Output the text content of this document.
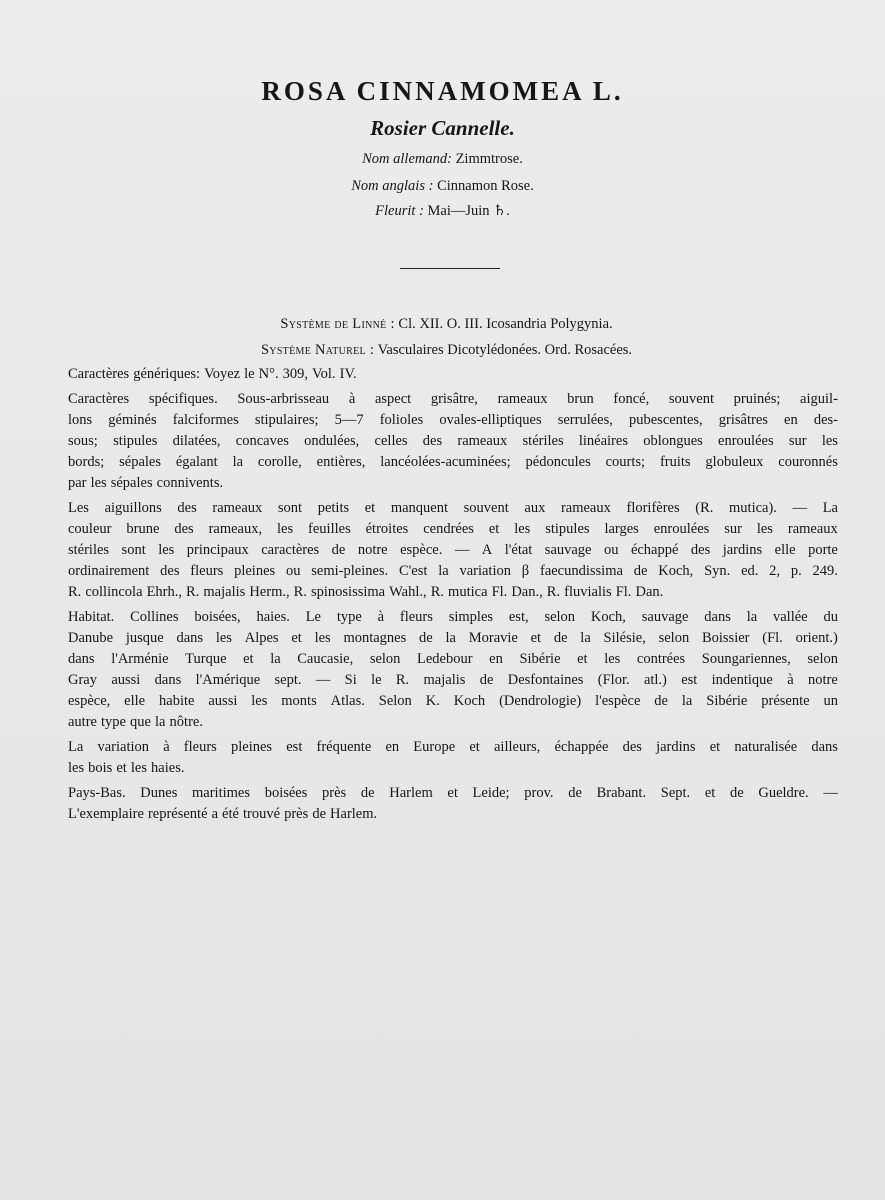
ROSA CINNAMOMEA L.
Rosier Cannelle.
Nom allemand: Zimmtrose.
Nom anglais : Cinnamon Rose.
Fleurit : Mai—Juin ♄.
Système de Linné : Cl. XII. O. III. Icosandria Polygynia.
Système Naturel : Vasculaires Dicotylédonées. Ord. Rosacées.
Caractères génériques: Voyez le N°. 309, Vol. IV.
Caractères spécifiques. Sous-arbrisseau à aspect grisâtre, rameaux brun foncé, souvent pruinés; aiguil-
lons géminés falciformes stipulaires; 5—7 folioles ovales-elliptiques serrulées, pubescentes, grisâtres en des-
sous; stipules dilatées, concaves ondulées, celles des rameaux stériles linéaires oblongues enroulées sur les
bords; sépales égalant la corolle, entières, lancéolées-acuminées; pédoncules courts; fruits globuleux couronnés
par les sépales connivents.
Les aiguillons des rameaux sont petits et manquent souvent aux rameaux florifères (R. mutica). — La
couleur brune des rameaux, les feuilles étroites cendrées et les stipules larges enroulées sur les rameaux
stériles sont les principaux caractères de notre espèce. — A l'état sauvage ou échappé des jardins elle porte
ordinairement des fleurs pleines ou semi-pleines. C'est la variation β faecundissima de Koch, Syn. ed. 2, p. 249.
R. collincola Ehrh., R. majalis Herm., R. spinosissima Wahl., R. mutica Fl. Dan., R. fluvialis Fl. Dan.
Habitat. Collines boisées, haies. Le type à fleurs simples est, selon Koch, sauvage dans la vallée du
Danube jusque dans les Alpes et les montagnes de la Moravie et de la Silésie, selon Boissier (Fl. orient.)
dans l'Arménie Turque et la Caucasie, selon Ledebour en Sibérie et les contrées Soungariennes, selon
Gray aussi dans l'Amérique sept. — Si le R. majalis de Desfontaines (Flor. atl.) est indentique à notre
espèce, elle habite aussi les monts Atlas. Selon K. Koch (Dendrologie) l'espèce de la Sibérie présente un
autre type que la nôtre.
La variation à fleurs pleines est fréquente en Europe et ailleurs, échappée des jardins et naturalisée dans
les bois et les haies.
Pays-Bas. Dunes maritimes boisées près de Harlem et Leide; prov. de Brabant. Sept. et de Gueldre. —
L'exemplaire représenté a été trouvé près de Harlem.
